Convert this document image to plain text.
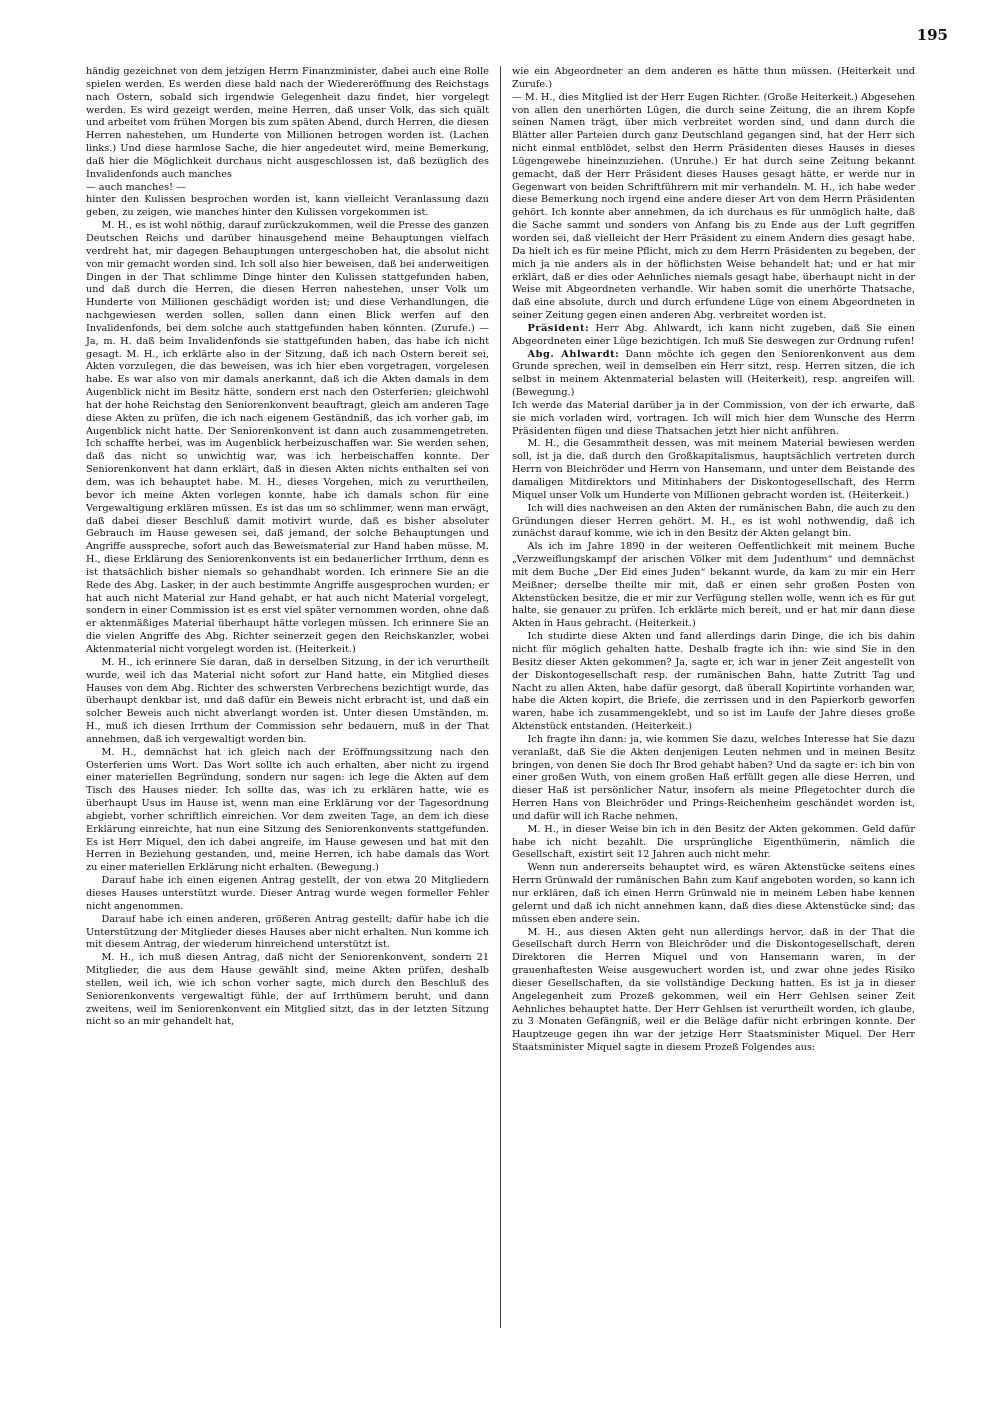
195

händig gezeichnet von dem jetzigen Herrn Finanzminister, dabei auch eine Rolle spielen werden. Es werden diese bald nach der Wiedereröffnung des Reichstags nach Ostern, sobald sich irgendwie Gelegenheit dazu findet, hier vorgelegt werden. Es wird gezeigt werden, meine Herren, daß unser Volk, das sich quält und arbeitet vom frühen Morgen bis zum späten Abend, durch Herren, die diesen Herren nahestehen, um Hunderte von Millionen betrogen worden ist. (Lachen links.) Und diese harmlose Sache, die hier angedeutet wird, meine Bemerkung, daß hier die Möglichkeit durchaus nicht ausgeschlossen ist, daß bezüglich des Invalidenfonds auch manches

— auch manches! —

hinter den Kulissen besprochen worden ist, kann vielleicht Veranlassung dazu geben, zu zeigen, wie manches hinter den Kulissen vorgekommen ist.

M. H., es ist wohl nöthig, darauf zurückzukommen, weil die Presse des ganzen Deutschen Reichs und darüber hinausgehend meine Behauptungen vielfach verdreht hat, mir dagegen Behauptungen untergeschoben hat, die absolut nicht von mir gemacht worden sind. Ich soll also hier beweisen, daß bei anderweitigen Dingen in der That schlimme Dinge hinter den Kulissen stattgefunden haben, und daß durch die Herren, die diesen Herren nahestehen, unser Volk um Hunderte von Millionen geschädigt worden ist; und diese Verhandlungen, die nachgewiesen werden sollen, sollen dann einen Blick werfen auf den Invalidenfonds, bei dem solche auch stattgefunden haben könnten. (Zurufe.) — Ja, m. H. daß beim Invalidenfonds sie stattgefunden haben, das habe ich nicht gesagt. M. H., ich erklärte also in der Sitzung, daß ich nach Ostern bereit sei, Akten vorzulegen, die das beweisen, was ich hier eben vorgetragen, vorgelesen habe. Es war also von mir damals anerkannt, daß ich die Akten damals in dem Augenblick nicht im Besitz hätte, sondern erst nach den Osterferien; gleichwohl hat der hohe Reichstag den Seniorenkonvent beauftragt, gleich am anderen Tage diese Akten zu prüfen, die ich nach eigenem Geständniß, das ich vorher gab, im Augenblick nicht hatte. Der Seniorenkonvent ist dann auch zusammengetreten. Ich schaffte herbei, was im Augenblick herbeizuschaffen war. Sie werden sehen, daß das nicht so unwichtig war, was ich herbeischaffen konnte. Der Seniorenkonvent hat dann erklärt, daß in diesen Akten nichts enthalten sei von dem, was ich behauptet habe. M. H., dieses Vorgehen, mich zu verurtheilen, bevor ich meine Akten vorlegen konnte, habe ich damals schon für eine Vergewaltigung erklären müssen. Es ist das um so schlimmer, wenn man erwägt, daß dabei dieser Beschluß damit motivirt wurde, daß es bisher absoluter Gebrauch im Hause gewesen sei, daß jemand, der solche Behauptungen und Angriffe ausspreche, sofort auch das Beweismaterial zur Hand haben müsse. M. H., diese Erklärung des Seniorenkonvents ist ein bedauerlicher Irrthum, denn es ist thatsächlich bisher niemals so gehandhabt worden. Ich erinnere Sie an die Rede des Abg. Lasker, in der auch bestimmte Angriffe ausgesprochen wurden; er hat auch nicht Material zur Hand gehabt, er hat auch nicht Material vorgelegt, sondern in einer Commission ist es erst viel später vernommen worden, ohne daß er aktenmäßiges Material überhaupt hätte vorlegen müssen. Ich erinnere Sie an die vielen Angriffe des Abg. Richter seinerzeit gegen den Reichskanzler, wobei Aktenmaterial nicht vorgelegt worden ist. (Heiterkeit.)

M. H., ich erinnere Sie daran, daß in derselben Sitzung, in der ich verurtheilt wurde, weil ich das Material nicht sofort zur Hand hatte, ein Mitglied dieses Hauses von dem Abg. Richter des schwersten Verbrechens bezichtigt wurde, das überhaupt denkbar ist, und daß dafür ein Beweis nicht erbracht ist, und daß ein solcher Beweis auch nicht abverlangt worden ist. Unter diesen Umständen, m. H., muß ich diesen Irrthum der Commission sehr bedauern, muß in der That annehmen, daß ich vergewaltigt worden bin.

M. H., demnächst hat ich gleich nach der Eröffnungssitzung nach den Osterferien ums Wort. Das Wort sollte ich auch erhalten, aber nicht zu irgend einer materiellen Begründung, sondern nur sagen: ich lege die Akten auf dem Tisch des Hauses nieder. Ich sollte das, was ich zu erklären hatte, wie es überhaupt Usus im Hause ist, wenn man eine Erklärung vor der Tagesordnung abgiebt, vorher schriftlich einreichen. Vor dem zweiten Tage, an dem ich diese Erklärung einreichte, hat nun eine Sitzung des Seniorenkonvents stattgefunden. Es ist Herr Miquel, den ich dabei angreife, im Hause gewesen und hat mit den Herren in Beziehung gestanden, und, meine Herren, ich habe damals das Wort zu einer materiellen Erklärung nicht erhalten. (Bewegung.)

Darauf habe ich einen eigenen Antrag gestellt, der von etwa 20 Mitgliedern dieses Hauses unterstützt wurde. Dieser Antrag wurde wegen formeller Fehler nicht angenommen.

Darauf habe ich einen anderen, größeren Antrag gestellt; dafür habe ich die Unterstützung der Mitglieder dieses Hauses aber nicht erhalten. Nun komme ich mit diesem Antrag, der wiederum hinreichend unterstützt ist.

M. H., ich muß diesen Antrag, daß nicht der Seniorenkonvent, sondern 21 Mitglieder, die aus dem Hause gewählt sind, meine Akten prüfen, deshalb stellen, weil ich, wie ich schon vorher sagte, mich durch den Beschluß des Seniorenkonvents vergewaltigt fühle, der auf Irrthümern beruht, und dann zweitens, weil im Seniorenkonvent ein Mitglied sitzt, das in der letzten Sitzung nicht so an mir gehandelt hat,

wie ein Abgeordneter an dem anderen es hätte thun müssen. (Heiterkeit und Zurufe.)

— M. H., dies Mitglied ist der Herr Eugen Richter. (Große Heiterkeit.) Abgesehen von allen den unerhörten Lügen, die durch seine Zeitung, die an ihrem Kopfe seinen Namen trägt, über mich verbreitet worden sind, und dann durch die Blätter aller Parteien durch ganz Deutschland gegangen sind, hat der Herr sich nicht einmal entblödet, selbst den Herrn Präsidenten dieses Hauses in dieses Lügengewebe hineinzuziehen. (Unruhe.) Er hat durch seine Zeitung bekannt gemacht, daß der Herr Präsident dieses Hauses gesagt hätte, er werde nur in Gegenwart von beiden Schriftführern mit mir verhandeln. M. H., ich habe weder diese Bemerkung noch irgend eine andere dieser Art von dem Herrn Präsidenten gehört. Ich konnte aber annehmen, da ich durchaus es für unmöglich halte, daß die Sache sammt und sonders von Anfang bis zu Ende aus der Luft gegriffen worden sei, daß vielleicht der Herr Präsident zu einem Andern dies gesagt habe. Da hielt ich es für meine Pflicht, mich zu dem Herrn Präsidenten zu begeben, der mich ja nie anders als in der höflichsten Weise behandelt hat; und er hat mir erklärt, daß er dies oder Aehnliches niemals gesagt habe, überhaupt nicht in der Weise mit Abgeordneten verhandle. Wir haben somit die unerhörte Thatsache, daß eine absolute, durch und durch erfundene Lüge von einem Abgeordneten in seiner Zeitung gegen einen anderen Abg. verbreitet worden ist.

Präsident: Herr Abg. Ahlwardt, ich kann nicht zugeben, daß Sie einen Abgeordneten einer Lüge bezichtigen. Ich muß Sie deswegen zur Ordnung rufen!

Abg. Ahlwardt: Dann möchte ich gegen den Seniorenkonvent aus dem Grunde sprechen, weil in demselben ein Herr sitzt, resp. Herren sitzen, die ich selbst in meinem Aktenmaterial belasten will (Heiterkeit), resp. angreifen will. (Bewegung.)

Ich werde das Material darüber ja in der Commission, von der ich erwarte, daß sie mich vorladen wird, vortragen. Ich will mich hier dem Wunsche des Herrn Präsidenten fügen und diese Thatsachen jetzt hier nicht anführen.

M. H., die Gesammtheit dessen, was mit meinem Material bewiesen werden soll, ist ja die, daß durch den Großkapitalismus, hauptsächlich vertreten durch Herrn von Bleichröder und Herrn von Hansemann, und unter dem Beistande des damaligen Mitdirektors und Mitinhabers der Diskontogesellschaft, des Herrn Miquel unser Volk um Hunderte von Millionen gebracht worden ist. (Heiterkeit.)

Ich will dies nachweisen an den Akten der rumänischen Bahn, die auch zu den Gründungen dieser Herren gehört. M. H., es ist wohl nothwendig, daß ich zunächst darauf komme, wie ich in den Besitz der Akten gelangt bin.

Als ich im Jahre 1890 in der weiteren Oeffentlichkeit mit meinem Buche „Verzweiflungskampf der arischen Völker mit dem Judenthum“ und demnächst mit dem Buche „Der Eid eines Juden“ bekannt wurde, da kam zu mir ein Herr Meißner; derselbe theilte mir mit, daß er einen sehr großen Posten von Aktenstücken besitze, die er mir zur Verfügung stellen wolle, wenn ich es für gut halte, sie genauer zu prüfen. Ich erklärte mich bereit, und er hat mir dann diese Akten in Haus gebracht. (Heiterkeit.)

Ich studirte diese Akten und fand allerdings darin Dinge, die ich bis dahin nicht für möglich gehalten hatte. Deshalb fragte ich ihn: wie sind Sie in den Besitz dieser Akten gekommen? Ja, sagte er, ich war in jener Zeit angestellt von der Diskontogesellschaft resp. der rumänischen Bahn, hatte Zutritt Tag und Nacht zu allen Akten, habe dafür gesorgt, daß überall Kopirtinte vorhanden war, habe die Akten kopirt, die Briefe, die zerrissen und in den Papierkorb geworfen waren, habe ich zusammengeklebt, und so ist im Laufe der Jahre dieses große Aktenstück entstanden. (Heiterkeit.)

Ich fragte ihn dann: ja, wie kommen Sie dazu, welches Interesse hat Sie dazu veranlaßt, daß Sie die Akten denjenigen Leuten nehmen und in meinen Besitz bringen, von denen Sie doch Ihr Brod gehabt haben? Und da sagte er: ich bin von einer großen Wuth, von einem großen Haß erfüllt gegen alle diese Herren, und dieser Haß ist persönlicher Natur, insofern als meine Pflegetochter durch die Herren Hans von Bleichröder und Prings-Reichenheim geschändet worden ist, und dafür will ich Rache nehmen.

M. H., in dieser Weise bin ich in den Besitz der Akten gekommen. Geld dafür habe ich nicht bezahlt. Die ursprüngliche Eigenthümerin, nämlich die Gesellschaft, existirt seit 12 Jahren auch nicht mehr.

Wenn nun andererseits behauptet wird, es wären Aktenstücke seitens eines Herrn Grünwald der rumänischen Bahn zum Kauf angeboten worden, so kann ich nur erklären, daß ich einen Herrn Grünwald nie in meinem Leben habe kennen gelernt und daß ich nicht annehmen kann, daß dies diese Aktenstücke sind; das müssen eben andere sein.

M. H., aus diesen Akten geht nun allerdings hervor, daß in der That die Gesellschaft durch Herrn von Bleichröder und die Diskontogesellschaft, deren Direktoren die Herren Miquel und von Hansemann waren, in der grauenhaftesten Weise ausgewuchert worden ist, und zwar ohne jedes Risiko dieser Gesellschaften, da sie vollständige Deckung hatten. Es ist ja in dieser Angelegenheit zum Prozeß gekommen, weil ein Herr Gehlsen seiner Zeit Aehnliches behauptet hatte. Der Herr Gehlsen ist verurtheilt worden, ich glaube, zu 3 Monaten Gefängniß, weil er die Beläge dafür nicht erbringen konnte. Der Hauptzeuge gegen ihn war der jetzige Herr Staatsminister Miquel. Der Herr Staatsminister Miquel sagte in diesem Prozeß Folgendes aus:
